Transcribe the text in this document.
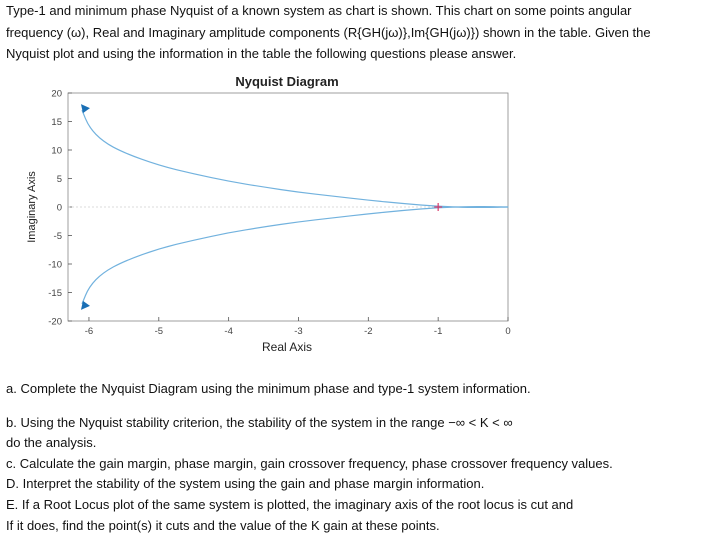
Type-1 and minimum phase Nyquist of a known system as chart is shown. This chart on some points angular
frequency (ω), Real and Imaginary amplitude components (R{GH(jω)},Im{GH(jω)}) shown in the table. Given the
Nyquist plot and using the information in the table the following questions please answer.
Nyquist Diagram
-20
-15
-10
-5
0
5
10
15
20
-6	-5	-4	-3	-2	-1	0
Real Axis
Imaginary Axis
a. Complete the Nyquist Diagram using the minimum phase and type-1 system information.
b. Using the Nyquist stability criterion, the stability of the system in the range −∞ < K < ∞
do the analysis.
c. Calculate the gain margin, phase margin, gain crossover frequency, phase crossover frequency values.
D. Interpret the stability of the system using the gain and phase margin information.
E. If a Root Locus plot of the same system is plotted, the imaginary axis of the root locus is cut and
If it does, find the point(s) it cuts and the value of the K gain at these points.
